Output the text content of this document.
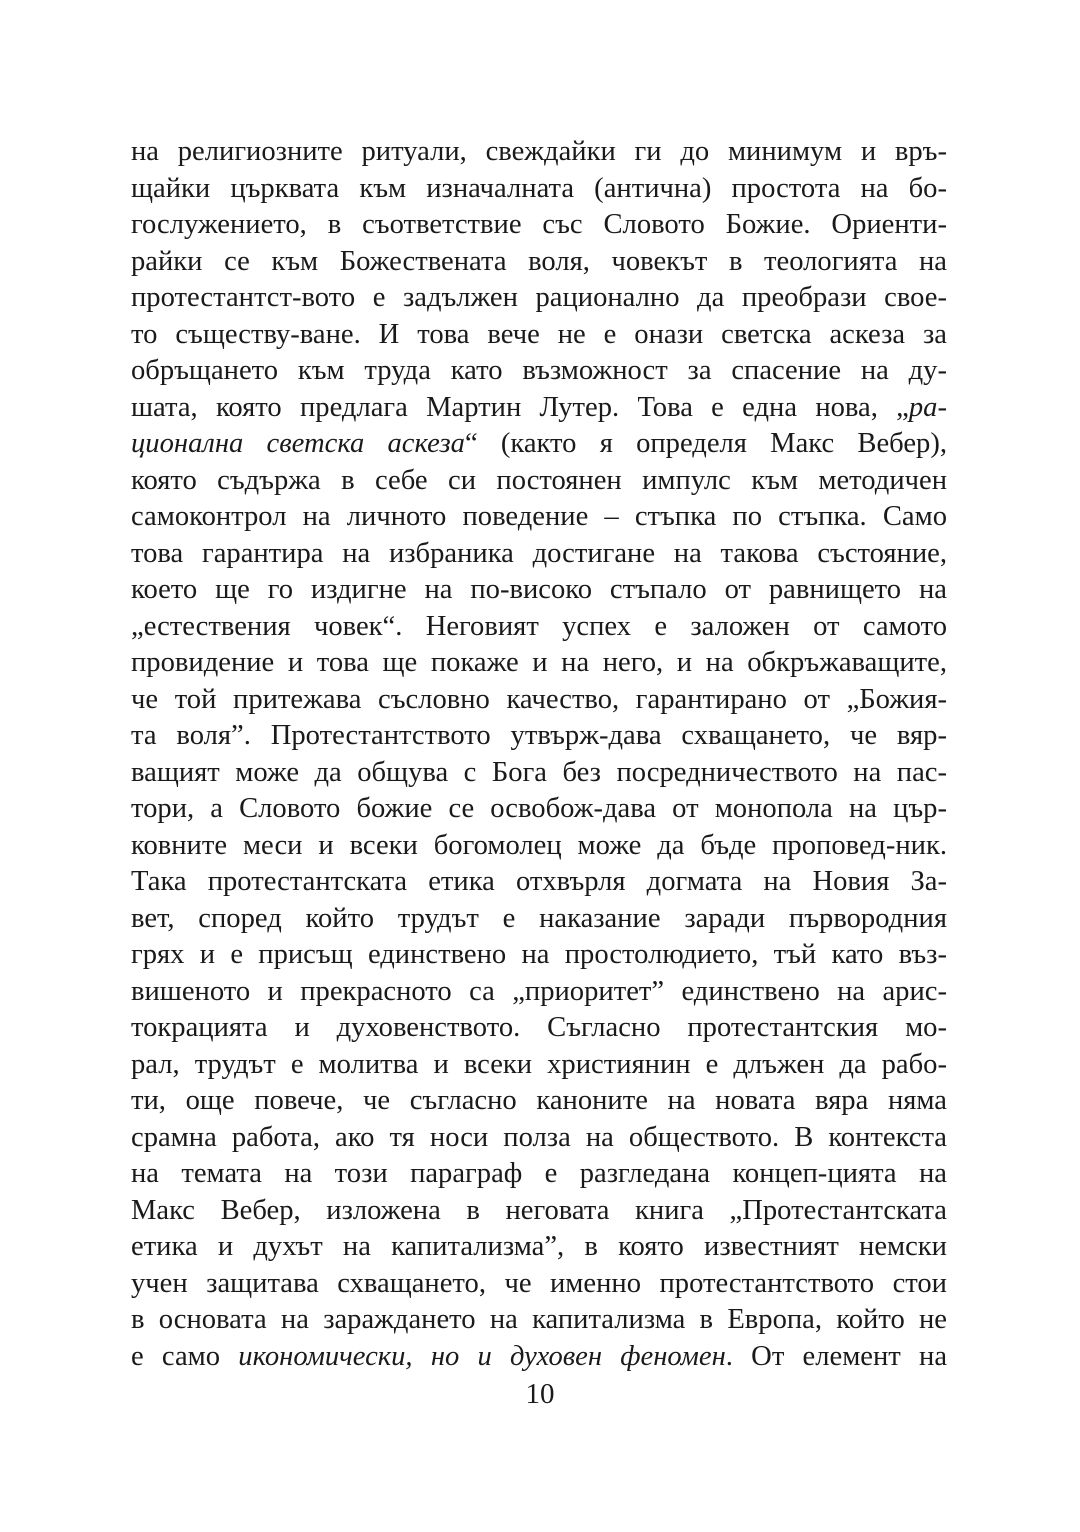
на религиозните ритуали, свеждайки ги до минимум и връ-
щайки църквата към изначалната (антична) простота на бо-
гослужението, в съответствие със Словото Божие. Ориенти-
райки се към Божествената воля, човекът в теологията на
протестантст-вото е задължен рационално да преобрази свое-
то съществу-ване. И това вече не е онази светска аскеза за
обръщането към труда като възможност за спасение на ду-
шата, която предлага Мартин Лутер. Това е една нова, „ра-
ционална светска аскеза“ (както я определя Макс Вебер),
която съдържа в себе си постоянен импулс към методичен
самоконтрол на личното поведение – стъпка по стъпка. Само
това гарантира на избраника достигане на такова състояние,
което ще го издигне на по-високо стъпало от равнището на
„естествения човек“. Неговият успех е заложен от самото
провидение и това ще покаже и на него, и на обкръжаващите,
че той притежава съсловно качество, гарантирано от „Божия-
та воля”. Протестантството утвърж-дава схващането, че вяр-
ващият може да общува с Бога без посредничеството на пас-
тори, а Словото божие се освобож-дава от монопола на цър-
ковните меси и всеки богомолец може да бъде проповед-ник.
Така протестантската етика отхвърля догмата на Новия За-
вет, според който трудът е наказание заради първородния
грях и е присъщ единствено на простолюдието, тъй като въз-
вишеното и прекрасното са „приоритет” единствено на арис-
токрацията и духовенството. Съгласно протестантския мо-
рал, трудът е молитва и всеки християнин е длъжен да рабо-
ти, още повече, че съгласно каноните на новата вяра няма
срамна работа, ако тя носи полза на обществото. В контекста
на темата на този параграф е разгледана концеп-цията на
Макс Вебер, изложена в неговата книга „Протестантската
етика и духът на капитализма”, в която известният немски
учен защитава схващането, че именно протестантството стои
в основата на зараждането на капитализма в Европа, който не
е само икономически, но и духовен феномен. От елемент на
10
